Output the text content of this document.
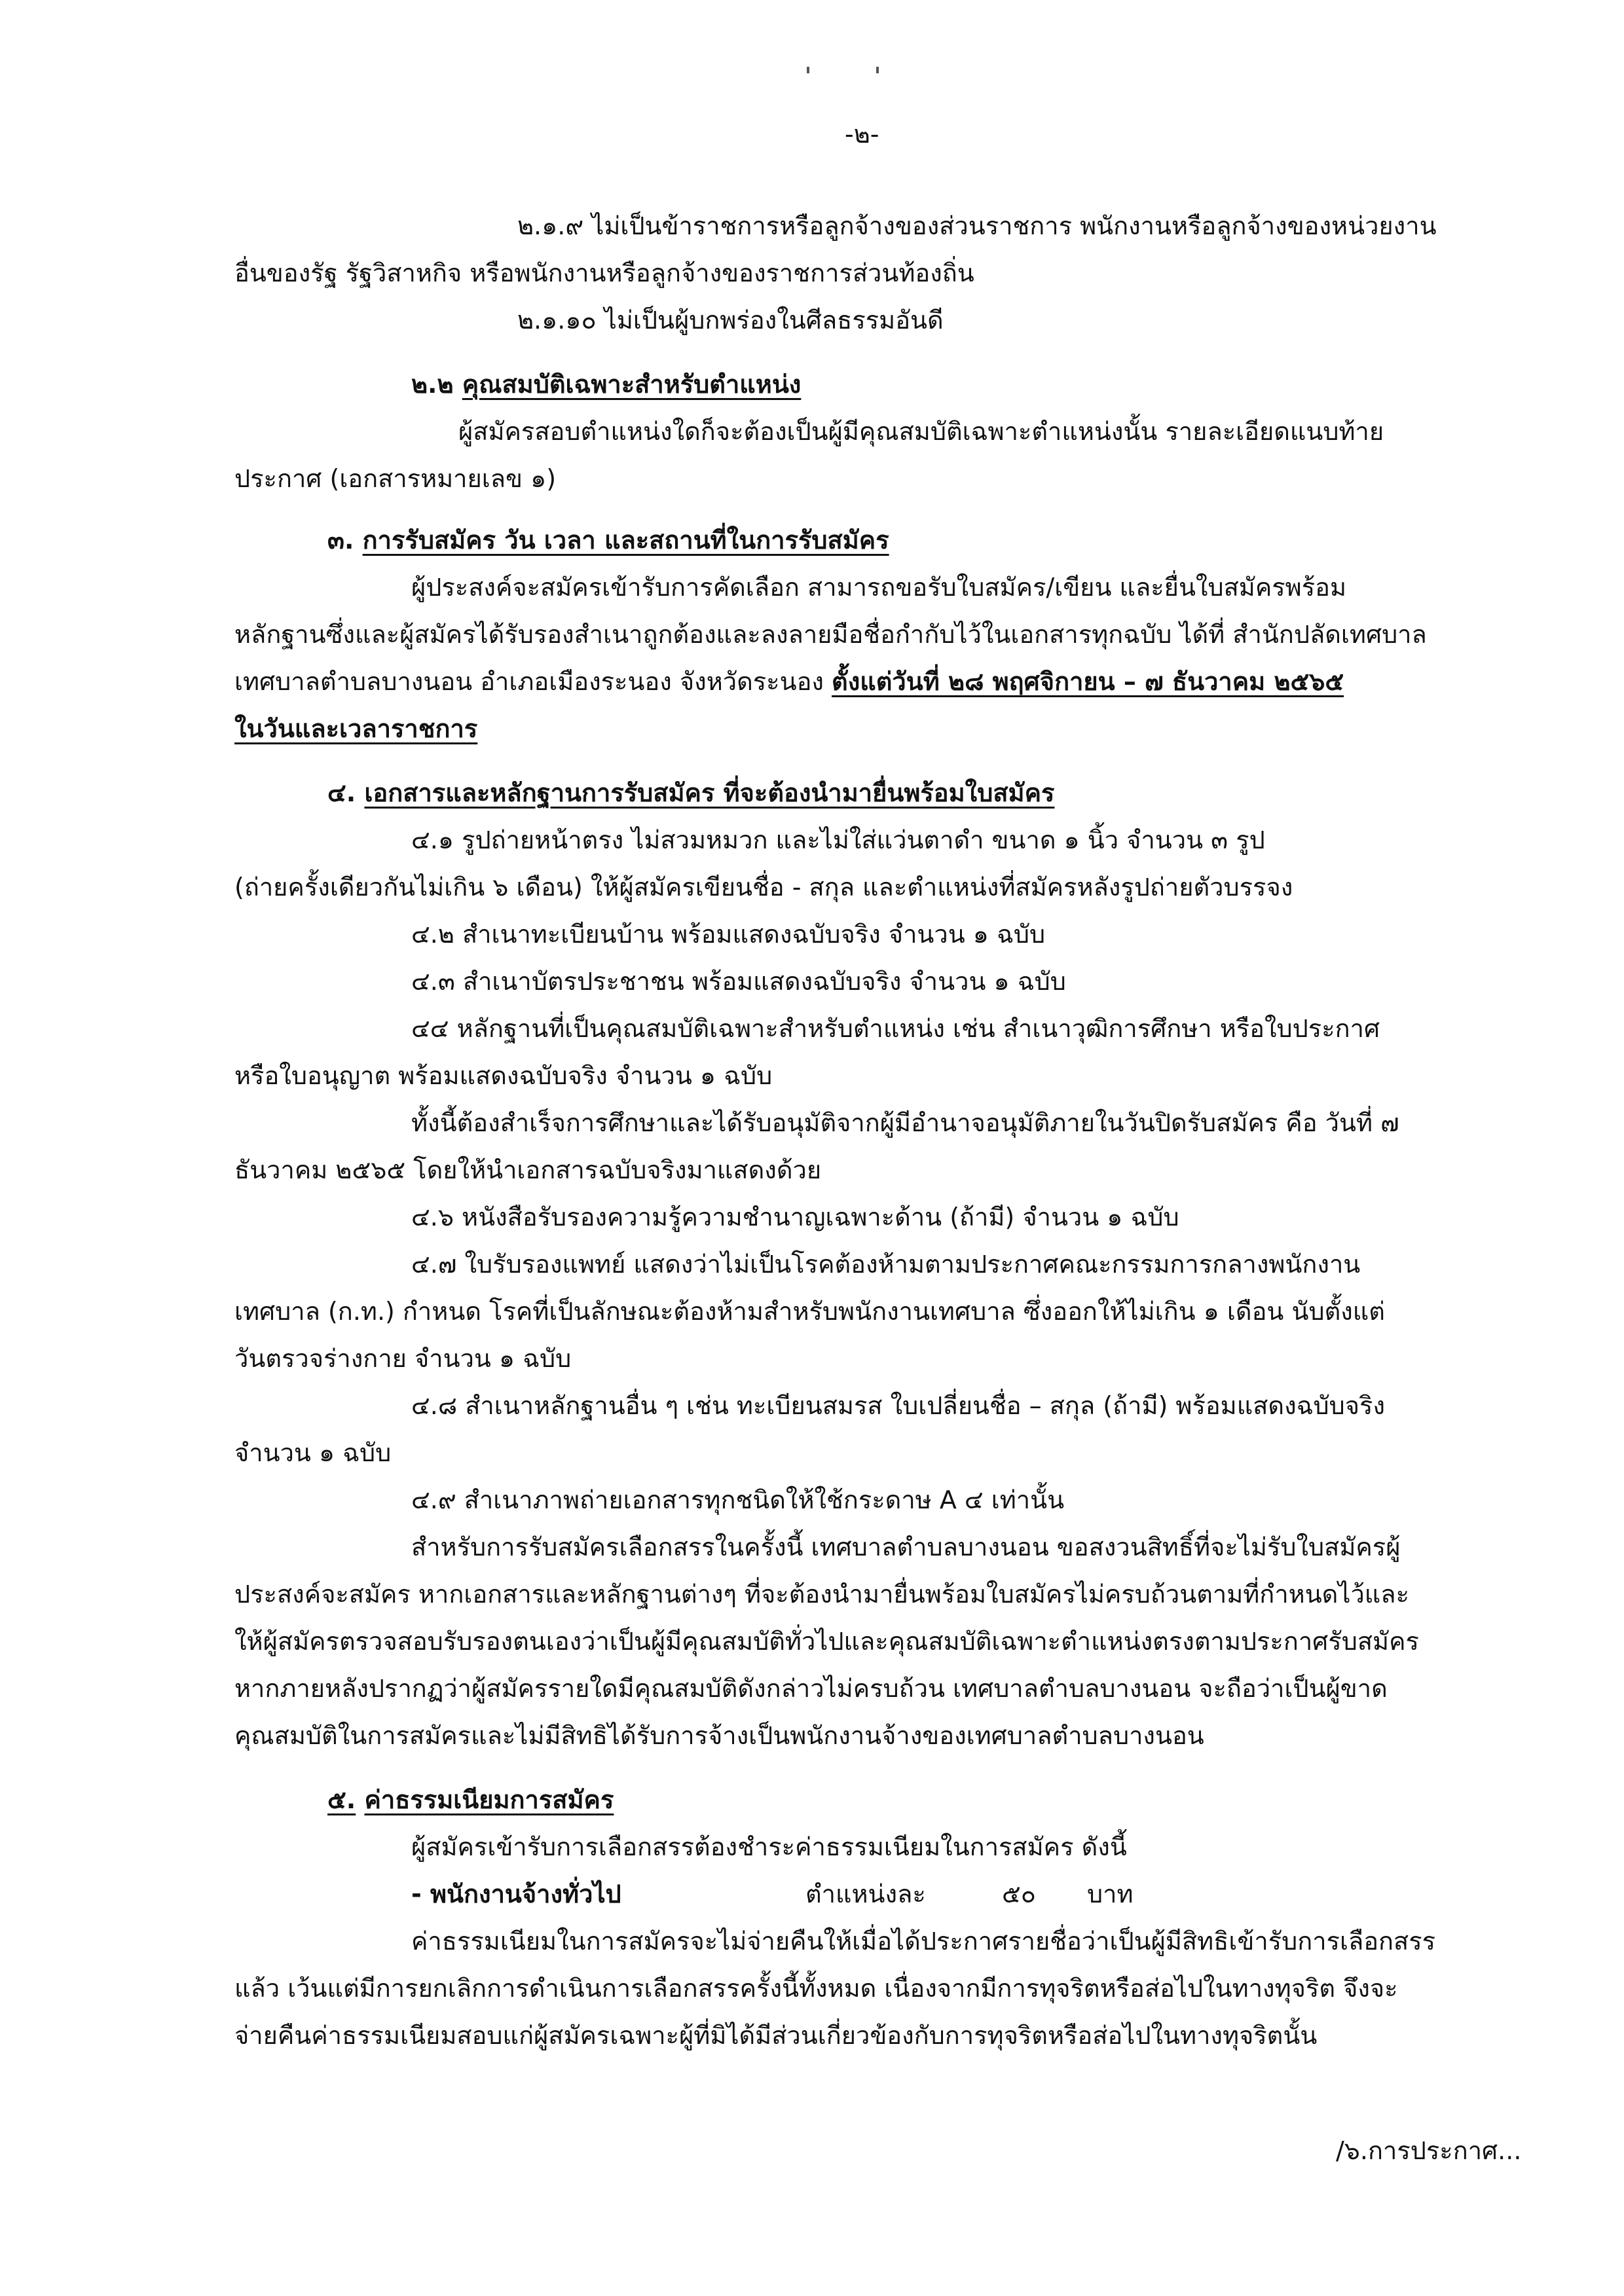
-๒-

๒.๑.๙ ไม่เป็นข้าราชการหรือลูกจ้างของส่วนราชการ พนักงานหรือลูกจ้างของหน่วยงาน

อื่นของรัฐ รัฐวิสาหกิจ หรือพนักงานหรือลูกจ้างของราชการส่วนท้องถิ่น

๒.๑.๑๐ ไม่เป็นผู้บกพร่องในศีลธรรมอันดี

๒.๒ คุณสมบัติเฉพาะสำหรับตำแหน่ง

ผู้สมัครสอบตำแหน่งใดก็จะต้องเป็นผู้มีคุณสมบัติเฉพาะตำแหน่งนั้น รายละเอียดแนบท้าย

ประกาศ (เอกสารหมายเลข ๑)

๓. การรับสมัคร วัน เวลา และสถานที่ในการรับสมัคร

ผู้ประสงค์จะสมัครเข้ารับการคัดเลือก สามารถขอรับใบสมัคร/เขียน และยื่นใบสมัครพร้อม

หลักฐานซึ่งและผู้สมัครได้รับรองสำเนาถูกต้องและลงลายมือชื่อกำกับไว้ในเอกสารทุกฉบับ ได้ที่ สำนักปลัดเทศบาล

เทศบาลตำบลบางนอน อำเภอเมืองระนอง จังหวัดระนอง ตั้งแต่วันที่ ๒๘ พฤศจิกายน – ๗ ธันวาคม ๒๕๖๕

ในวันและเวลาราชการ

๔. เอกสารและหลักฐานการรับสมัคร ที่จะต้องนำมายื่นพร้อมใบสมัคร

๔.๑ รูปถ่ายหน้าตรง ไม่สวมหมวก และไม่ใส่แว่นตาดำ ขนาด ๑ นิ้ว จำนวน ๓ รูป

(ถ่ายครั้งเดียวกันไม่เกิน ๖ เดือน) ให้ผู้สมัครเขียนชื่อ - สกุล และตำแหน่งที่สมัครหลังรูปถ่ายตัวบรรจง

๔.๒ สำเนาทะเบียนบ้าน พร้อมแสดงฉบับจริง จำนวน ๑ ฉบับ

๔.๓ สำเนาบัตรประชาชน พร้อมแสดงฉบับจริง จำนวน ๑ ฉบับ

๔๔ หลักฐานที่เป็นคุณสมบัติเฉพาะสำหรับตำแหน่ง เช่น สำเนาวุฒิการศึกษา หรือใบประกาศ

หรือใบอนุญาต พร้อมแสดงฉบับจริง จำนวน ๑ ฉบับ

ทั้งนี้ต้องสำเร็จการศึกษาและได้รับอนุมัติจากผู้มีอำนาจอนุมัติภายในวันปิดรับสมัคร คือ วันที่ ๗

ธันวาคม ๒๕๖๕ โดยให้นำเอกสารฉบับจริงมาแสดงด้วย

๔.๖ หนังสือรับรองความรู้ความชำนาญเฉพาะด้าน (ถ้ามี) จำนวน ๑ ฉบับ

๔.๗ ใบรับรองแพทย์ แสดงว่าไม่เป็นโรคต้องห้ามตามประกาศคณะกรรมการกลางพนักงาน

เทศบาล (ก.ท.) กำหนด โรคที่เป็นลักษณะต้องห้ามสำหรับพนักงานเทศบาล ซึ่งออกให้ไม่เกิน ๑ เดือน นับตั้งแต่

วันตรวจร่างกาย จำนวน ๑ ฉบับ

๔.๘ สำเนาหลักฐานอื่น ๆ เช่น ทะเบียนสมรส ใบเปลี่ยนชื่อ – สกุล (ถ้ามี) พร้อมแสดงฉบับจริง

จำนวน ๑ ฉบับ

๔.๙ สำเนาภาพถ่ายเอกสารทุกชนิดให้ใช้กระดาษ A ๔ เท่านั้น

สำหรับการรับสมัครเลือกสรรในครั้งนี้ เทศบาลตำบลบางนอน ขอสงวนสิทธิ์ที่จะไม่รับใบสมัครผู้

ประสงค์จะสมัคร หากเอกสารและหลักฐานต่างๆ ที่จะต้องนำมายื่นพร้อมใบสมัครไม่ครบถ้วนตามที่กำหนดไว้และ

ให้ผู้สมัครตรวจสอบรับรองตนเองว่าเป็นผู้มีคุณสมบัติทั่วไปและคุณสมบัติเฉพาะตำแหน่งตรงตามประกาศรับสมัคร

หากภายหลังปรากฏว่าผู้สมัครรายใดมีคุณสมบัติดังกล่าวไม่ครบถ้วน เทศบาลตำบลบางนอน จะถือว่าเป็นผู้ขาด

คุณสมบัติในการสมัครและไม่มีสิทธิได้รับการจ้างเป็นพนักงานจ้างของเทศบาลตำบลบางนอน

๕. ค่าธรรมเนียมการสมัคร

ผู้สมัครเข้ารับการเลือกสรรต้องชำระค่าธรรมเนียมในการสมัคร ดังนี้

- พนักงานจ้างทั่วไป	ตำแหน่งละ	๕๐ บาท

ค่าธรรมเนียมในการสมัครจะไม่จ่ายคืนให้เมื่อได้ประกาศรายชื่อว่าเป็นผู้มีสิทธิเข้ารับการเลือกสรร

แล้ว เว้นแต่มีการยกเลิกการดำเนินการเลือกสรรครั้งนี้ทั้งหมด เนื่องจากมีการทุจริตหรือส่อไปในทางทุจริต จึงจะ

จ่ายคืนค่าธรรมเนียมสอบแก่ผู้สมัครเฉพาะผู้ที่มิได้มีส่วนเกี่ยวข้องกับการทุจริตหรือส่อไปในทางทุจริตนั้น

/๖.การประกาศ...
